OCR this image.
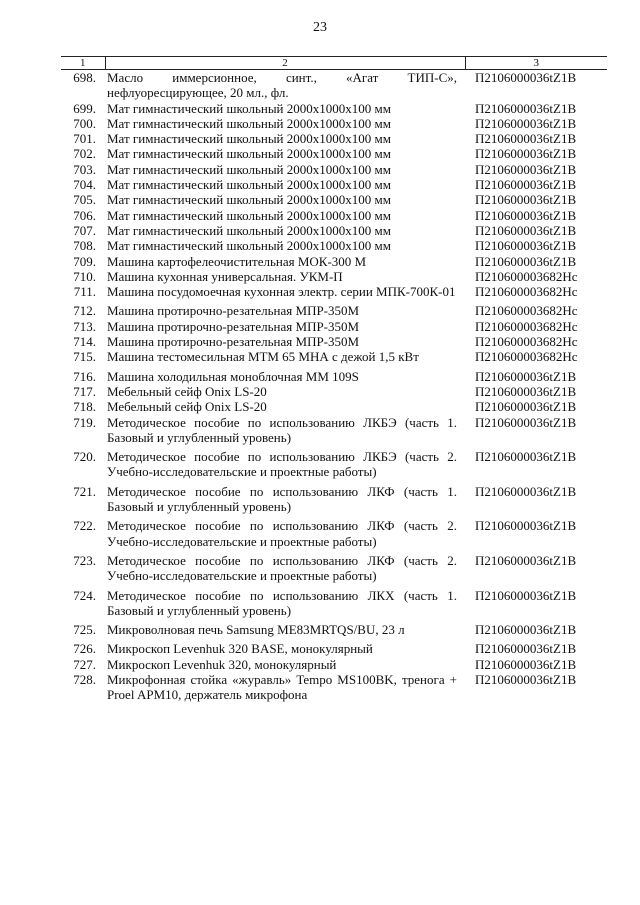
23
1	2	3
698.	Масло иммерсионное, синт., «Агат ТИП-С», нефлуоресцирующее, 20 мл., фл.	П2106000036tZ1B
699.	Мат гимнастический школьный 2000х1000х100 мм	П2106000036tZ1B
700.	Мат гимнастический школьный 2000х1000х100 мм	П2106000036tZ1B
701.	Мат гимнастический школьный 2000х1000х100 мм	П2106000036tZ1B
702.	Мат гимнастический школьный 2000х1000х100 мм	П2106000036tZ1B
703.	Мат гимнастический школьный 2000х1000х100 мм	П2106000036tZ1B
704.	Мат гимнастический школьный 2000х1000х100 мм	П2106000036tZ1B
705.	Мат гимнастический школьный 2000х1000х100 мм	П2106000036tZ1B
706.	Мат гимнастический школьный 2000х1000х100 мм	П2106000036tZ1B
707.	Мат гимнастический школьный 2000х1000х100 мм	П2106000036tZ1B
708.	Мат гимнастический школьный 2000х1000х100 мм	П2106000036tZ1B
709.	Машина картофелеочистительная МОК-300 М	П2106000036tZ1B
710.	Машина кухонная универсальная. УКМ-П	П210600003682Hc
711.	Машина посудомоечная кухонная электр. серии МПК-700К-01	П210600003682Hc
712.	Машина протирочно-резательная МПР-350М	П210600003682Hc
713.	Машина протирочно-резательная МПР-350М	П210600003682Hc
714.	Машина протирочно-резательная МПР-350М	П210600003682Hc
715.	Машина тестомесильная МТМ 65 МНА с дежой 1,5 кВт	П210600003682Hc
716.	Машина холодильная моноблочная ММ 109S	П2106000036tZ1B
717.	Мебельный сейф Onix LS-20	П2106000036tZ1B
718.	Мебельный сейф Onix LS-20	П2106000036tZ1B
719.	Методическое пособие по использованию ЛКБЭ (часть 1. Базовый и углубленный уровень)	П2106000036tZ1B
720.	Методическое пособие по использованию ЛКБЭ (часть 2. Учебно-исследовательские и проектные работы)	П2106000036tZ1B
721.	Методическое пособие по использованию ЛКФ (часть 1. Базовый и углубленный уровень)	П2106000036tZ1B
722.	Методическое пособие по использованию ЛКФ (часть 2. Учебно-исследовательские и проектные работы)	П2106000036tZ1B
723.	Методическое пособие по использованию ЛКФ (часть 2. Учебно-исследовательские и проектные работы)	П2106000036tZ1B
724.	Методическое пособие по использованию ЛКХ (часть 1. Базовый и углубленный уровень)	П2106000036tZ1B
725.	Микроволновая печь Samsung ME83MRTQS/BU, 23 л	П2106000036tZ1B
726.	Микроскоп Levenhuk 320 BASE, монокулярный	П2106000036tZ1B
727.	Микроскоп Levenhuk 320, монокулярный	П2106000036tZ1B
728.	Микрофонная стойка «журавль» Tempo MS100BK, тренога + Proel APM10, держатель микрофона	П2106000036tZ1B
